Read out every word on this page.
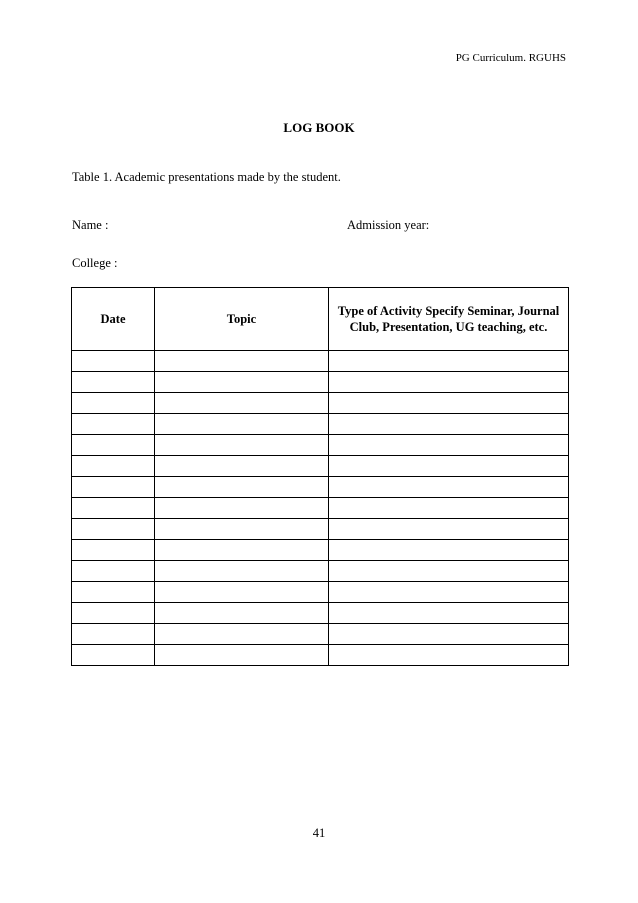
PG Curriculum. RGUHS
LOG BOOK
Table 1. Academic presentations made by the student.
Name :	Admission year:
College :
Date	Topic	Type of Activity Specify Seminar, Journal Club, Presentation, UG teaching, etc.

41
